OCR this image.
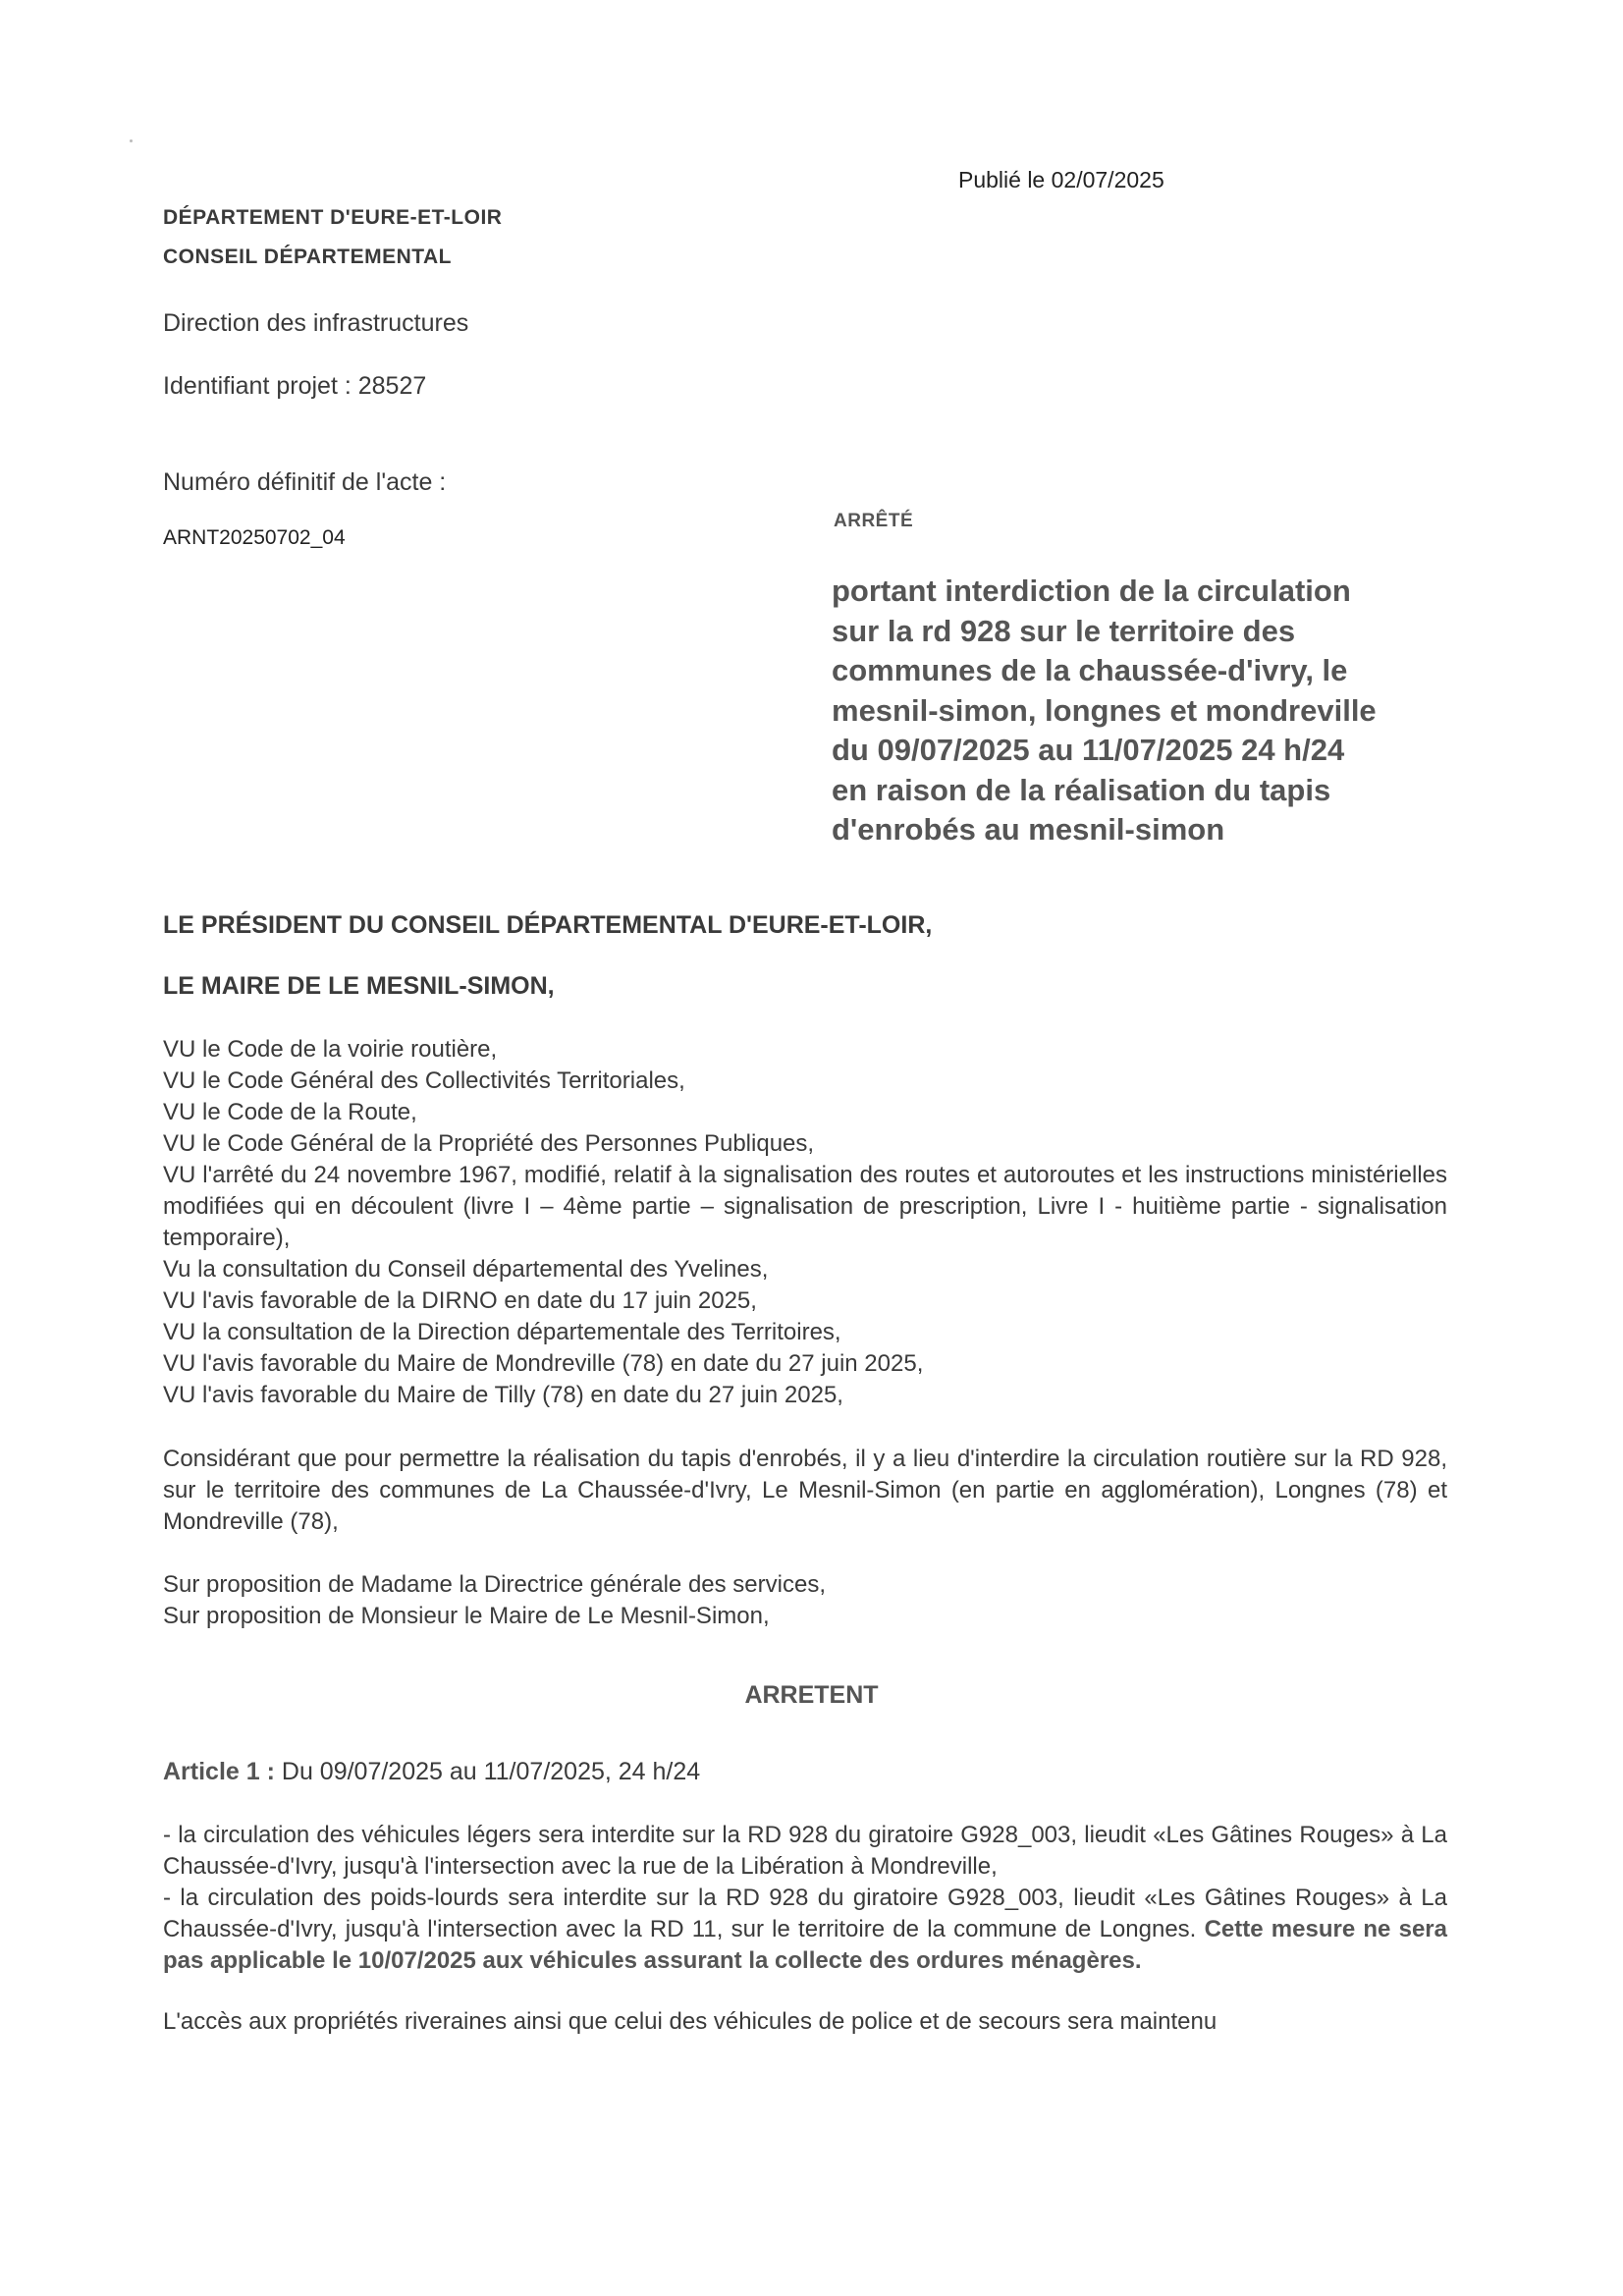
Publié le 02/07/2025
DÉPARTEMENT D'EURE-ET-LOIR
CONSEIL DÉPARTEMENTAL
Direction des infrastructures
Identifiant projet : 28527
Numéro définitif de l'acte :
ARNT20250702_04
ARRÊTÉ
portant interdiction de la circulation
sur la rd 928 sur le territoire des
communes de la chaussée-d'ivry, le
mesnil-simon, longnes et mondreville
du 09/07/2025 au 11/07/2025 24 h/24
en raison de la réalisation du tapis
d'enrobés au mesnil-simon
LE PRÉSIDENT DU CONSEIL DÉPARTEMENTAL D'EURE-ET-LOIR,
LE MAIRE DE LE MESNIL-SIMON,
VU le Code de la voirie routière,
VU le Code Général des Collectivités Territoriales,
VU le Code de la Route,
VU le Code Général de la Propriété des Personnes Publiques,
VU l'arrêté du 24 novembre 1967, modifié, relatif à la signalisation des routes et autoroutes et les instructions ministérielles modifiées qui en découlent (livre I – 4ème partie – signalisation de prescription, Livre I - huitième partie - signalisation temporaire),
Vu la consultation du Conseil départemental des Yvelines,
VU l'avis favorable de la DIRNO en date du 17 juin 2025,
VU la consultation de la Direction départementale des Territoires,
VU l'avis favorable du Maire de Mondreville (78) en date du 27 juin 2025,
VU l'avis favorable du Maire de Tilly (78) en date du 27 juin 2025,
Considérant que pour permettre la réalisation du tapis d'enrobés, il y a lieu d'interdire la circulation routière sur la RD 928, sur le territoire des communes de La Chaussée-d'Ivry, Le Mesnil-Simon (en partie en agglomération), Longnes (78) et Mondreville (78),
Sur proposition de Madame la Directrice générale des services,
Sur proposition de Monsieur le Maire de Le Mesnil-Simon,
ARRETENT
Article 1 : Du 09/07/2025 au 11/07/2025, 24 h/24
- la circulation des véhicules légers sera interdite sur la RD 928 du giratoire G928_003, lieudit «Les Gâtines Rouges» à La Chaussée-d'Ivry, jusqu'à l'intersection avec la rue de la Libération à Mondreville,
- la circulation des poids-lourds sera interdite sur la RD 928 du giratoire G928_003, lieudit «Les Gâtines Rouges» à La Chaussée-d'Ivry, jusqu'à l'intersection avec la RD 11, sur le territoire de la commune de Longnes. Cette mesure ne sera pas applicable le 10/07/2025 aux véhicules assurant la collecte des ordures ménagères.
L'accès aux propriétés riveraines ainsi que celui des véhicules de police et de secours sera maintenu
